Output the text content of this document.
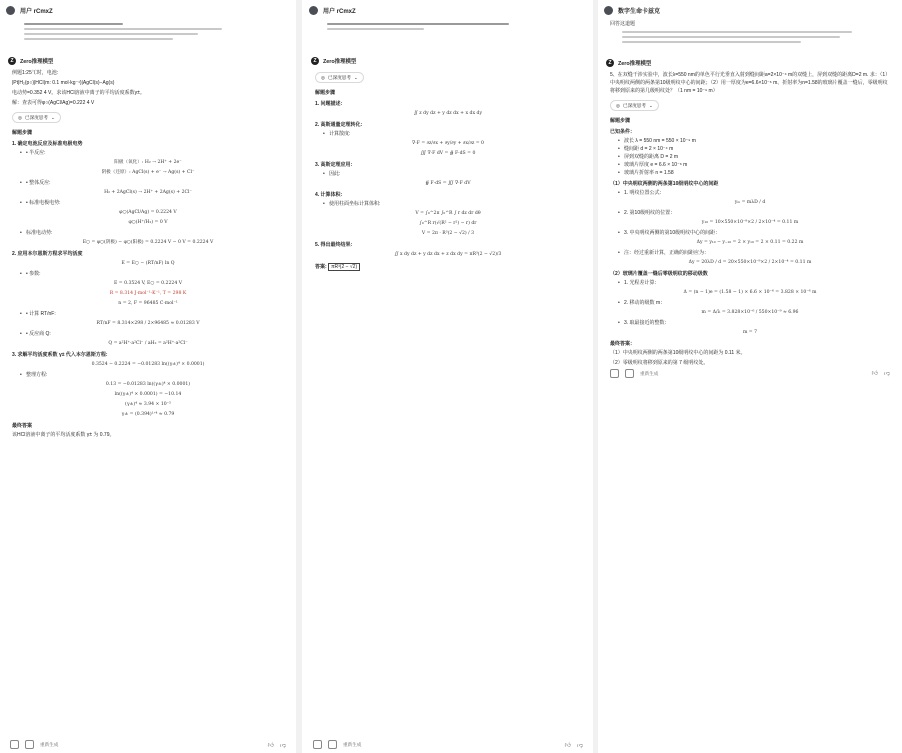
用户 rCmxZ
Z	Zero推理模型

例题1:25℃时，电池:

|Pt|H₂(p○)|HCl(m: 0.1 mol·kg⁻¹)|AgCl(s)−Ag(s)

电动势=0.352 4 V。求该HCl溶液中离子的平均活度系数γ±。

解：查表可得φ○(AgCl/Ag)=0.222 4 V

◎ 已深度思考 ⌄
解题步骤
1. 确定电池反应及标准电极电势
• • 半反应:
阳极（氧化）: H₂ → 2H⁺ + 2e⁻
阴极（还原）: AgCl(s) + e⁻ → Ag(s) + Cl⁻
• • 整体反应:
H₂ + 2AgCl(s) → 2H⁺ + 2Ag(s) + 2Cl⁻
• • 标准电极电势:
φ○(AgCl/Ag) = 0.2224 V
φ○(H⁺/H₂) = 0 V
• 标准电动势:
E○ = φ○(阴极) − φ○(阳极) = 0.2224 V − 0 V = 0.2224 V
2. 应用本尔恩斯方程求平均活度
E = E○ − (RT/nF) ln Q
• • 参数:
E = 0.3524 V, E○ = 0.2224 V
R = 8.314 J·mol⁻¹·K⁻¹, T = 298 K
n = 2, F = 96485 C·mol⁻¹
• • 计算 RT/nF:
RT/nF = 8.314×298 / 2×96485 ≈ 0.01283 V
• • 反应商 Q:
Q = a²H⁺·a²Cl⁻ / aH₂ = a²H⁺·a²Cl⁻
3. 求解平均活度系数 γ± 代入本尔恩斯方程:
0.3524 − 0.2224 = −0.01283 ln((γ±)⁴ × 0.0001)
• 整理方程:
0.13 = −0.01283 ln((γ±)⁴ × 0.0001)
ln((γ±)⁴ × 0.0001) = −10.14
(γ±)⁴ ≈ 3.94 × 10⁻⁵
γ± = (0.394)¹ᐟ⁴ ≈ 0.79
最终答案

该HCl溶液中离子的平均活度系数 γ± 为 0.79。

重新生成	👍︎ 👎︎
用户 rCmxZ
Z	Zero推理模型
◎ 已深度思考 ⌄
解题步骤
1. 问题描述:
∬ z dy dz + y dz dx + x dx dy
2. 高斯通量定理转化:
• 计算散度:
∇·F = ∂z/∂x + ∂y/∂y + ∂x/∂z = 0
∭ ∇·F dV = ∯ F·dS = 0
3. 高斯定理应用:
• 因此:
∯ F·dS = ∭ ∇·F dV
4. 计算体积:
• 使用柱面坐标计算体积:
V = ∫₀^2π ∫₀^R ∫ r dz dr dθ
∫₀^R r(√(R² − r²) − r) dr
V = 2π · R³(2 − √2) / 3
5. 得出最终结果:
∬ x dy dz + y dz dx + z dx dy = πR³(2 − √2)/3

答案: πR³(2 − √2)

重新生成	👍︎ 👎︎
数字生命卡兹克

回答这道题

Z	Zero推理模型

5、在双缝干涉实验中，波长λ=550 nm的单色平行光垂直入射到缝间距a=2×10⁻⁴ m的双缝上，屏到双缝的距离D=2 m. 求：（1）中央明纹两侧的两条第10级明纹中心的间距；（2）用一厚度为e=6.6×10⁻⁶ m、折射率为n=1.58的玻璃片覆盖一缝后，零级明纹将移到原来的第几级明纹处？（1 nm = 10⁻⁹ m）

◎ 已深度思考 ⌄
解题步骤
已知条件：
• 波长 λ = 550 nm = 550 × 10⁻⁹ m
• 缝间距 d = 2 × 10⁻⁴ m
• 屏到双缝的距离 D = 2 m
• 玻璃片厚度 e = 6.6 × 10⁻⁶ m
• 玻璃片折射率 n = 1.58
（1）中央明纹两侧的两条第10级明纹中心的间距
• 1. 明纹位置公式：
yₘ = mλD / d
• 2. 第10级明纹的位置：
y₁₀ = 10×550×10⁻⁹×2 / 2×10⁻⁴ = 0.11 m
• 3. 中央明纹两侧的第10级明纹中心的间距：
Δy = y₁₀ − y₋₁₀ = 2 × y₁₀ = 2 × 0.11 = 0.22 m
• 注：经过重新计算，正确的间距应为：
Δy = 20λD / d = 20×550×10⁻⁹×2 / 2×10⁻⁴ = 0.11 m
（2）玻璃片覆盖一缝后零级明纹的移动级数
• 1. 光程差计算：
Δ = (n − 1)e = (1.58 − 1) × 6.6 × 10⁻⁶ = 3.828 × 10⁻⁶ m
• 2. 移动的级数 m：
m = Δ/λ = 3.828×10⁻⁶ / 550×10⁻⁹ ≈ 6.96
• 3. 取最接近的整数：
m = 7
最终答案：

（1）中央明纹两侧的两条第10级明纹中心的间距为 0.11 米。

（2）零级明纹将移到原来的第 7 级明纹处。

重新生成	👍︎ 👎︎
